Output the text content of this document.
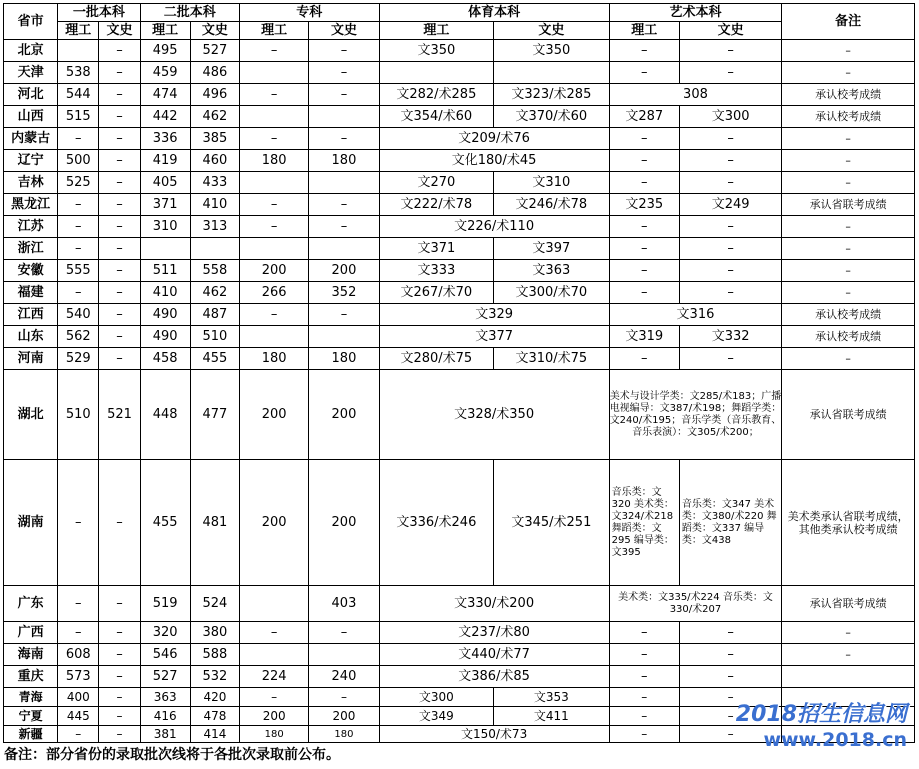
省市	一批本科		二批本科		专科		体育本科		艺术本科		备注
	理工	文史	理工	文史	理工	文史	理工	文史	理工	文史	
北京		–	495	527	–	–	文350	文350	–	–	–
天津	538	–	459	486		–			–	–	–
河北	544	–	474	496	–	–	文282/术285	文323/术285	308		承认校考成绩
山西	515	–	442	462			文354/术60	文370/术60	文287	文300	承认校考成绩
内蒙古	–	–	336	385	–	–	文209/术76		–	–	–
辽宁	500	–	419	460	180	180	文化180/术45		–	–	–
吉林	525	–	405	433			文270	文310	–	–	–
黑龙江	–	–	371	410	–	–	文222/术78	文246/术78	文235	文249	承认省联考成绩
江苏	–	–	310	313	–	–	文226/术110		–	–	–
浙江	–	–					文371	文397	–	–	–
安徽	555	–	511	558	200	200	文333	文363	–	–	–
福建	–	–	410	462	266	352	文267/术70	文300/术70	–	–	–
江西	540	–	490	487	–	–	文329		文316		承认校考成绩
山东	562	–	490	510			文377		文319	文332	承认校考成绩
河南	529	–	458	455	180	180	文280/术75	文310/术75	–	–	–
湖北	510	521	448	477	200	200	文328/术350		美术与设计学类：文285/术183；广播电视编导：文387/术198；舞蹈学类：文240/术195；音乐学类（音乐教育、音乐表演）：文305/术200；		承认省联考成绩
湖南	–	–	455	481	200	200	文336/术246	文345/术251	音乐类：文320 美术类：文324/术218 舞蹈类：文295 编导类：文395	音乐类：文347 美术类：文380/术220 舞蹈类：文337 编导类：文438	美术类承认省联考成绩，其他类承认校考成绩
广东	–	–	519	524		403	文330/术200		美术类：文335/术224 音乐类：文330/术207		承认省联考成绩
广西	–	–	320	380	–	–	文237/术80		–	–	–
海南	608	–	546	588			文440/术77		–	–	–
重庆	573	–	527	532	224	240	文386/术85		–	–	
青海	400	–	363	420	–	–	文300	文353	–	–	
宁夏	445	–	416	478	200	200	文349	文411	–	–	
新疆	–	–	381	414	180	180	文150/术73		–	–	
备注：部分省份的录取批次线将于各批次录取前公布。
2018招生信息网
www.2018.cn
